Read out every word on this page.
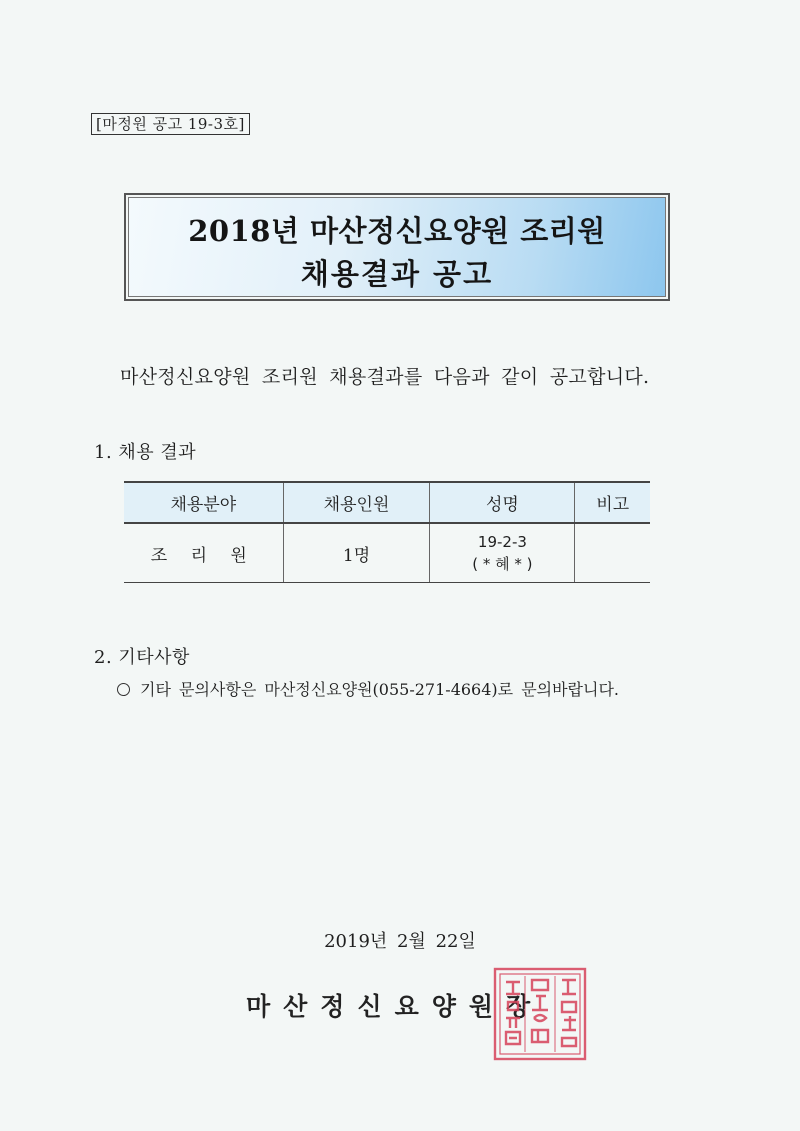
[마정원 공고 19-3호]
2018년 마산정신요양원 조리원
채용결과 공고
마산정신요양원 조리원 채용결과를 다음과 같이 공고합니다.
1. 채용 결과
채용분야	채용인원	성명	비고
조 리 원	1명	19-2-3
( * 혜 * )	

2. 기타사항
기타 문의사항은 마산정신요양원(055-271-4664)로 문의바랍니다.
2019년 2월 22일
마산정신요양원장
